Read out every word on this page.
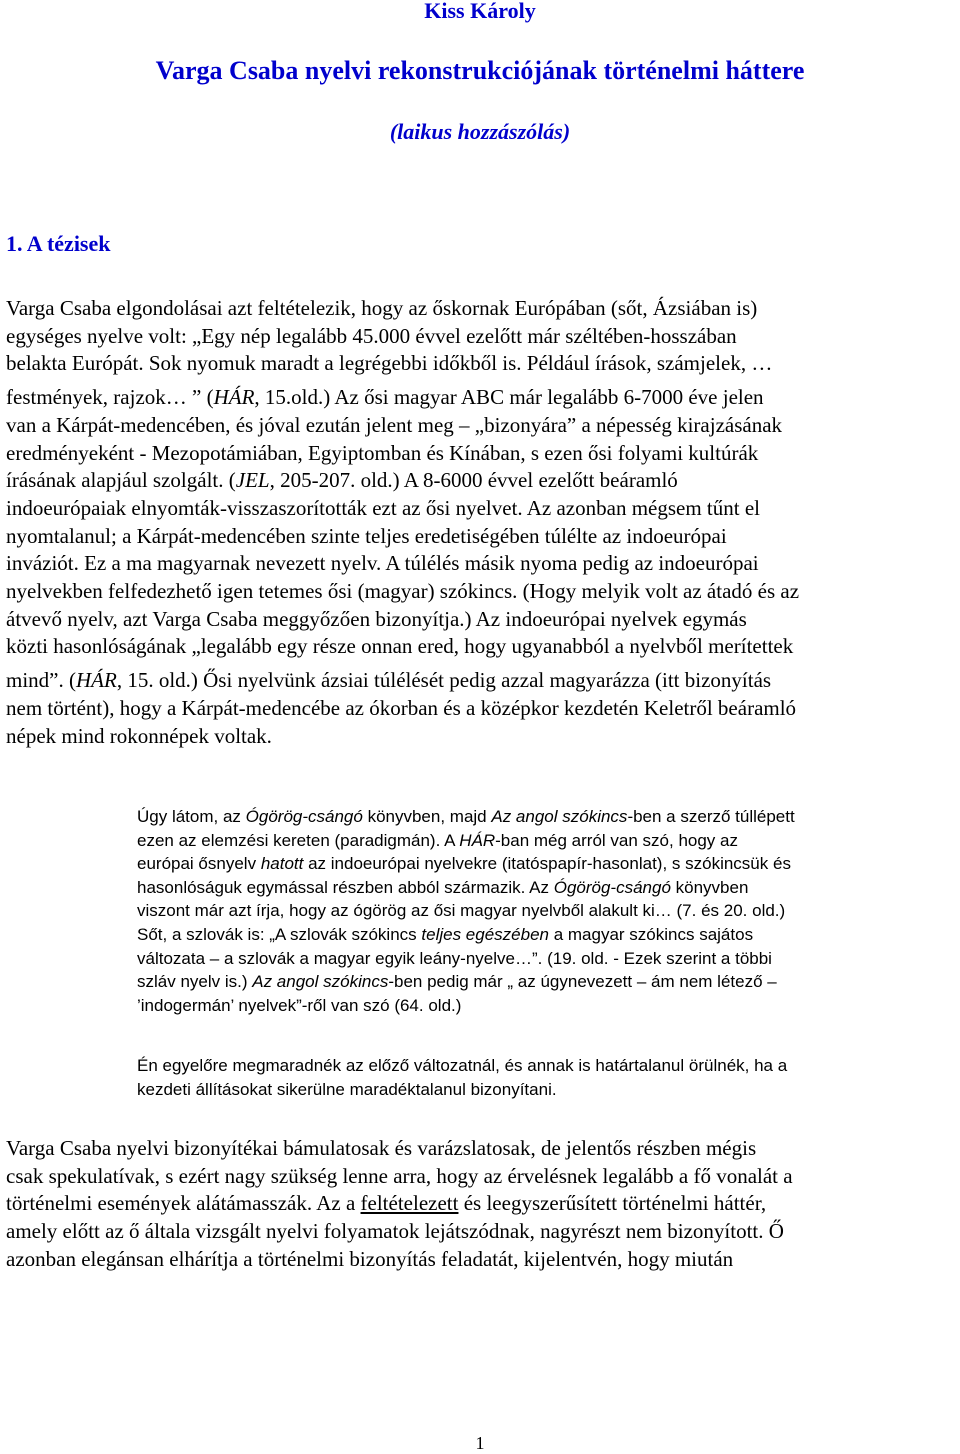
Kiss Károly
Varga Csaba nyelvi rekonstrukciójának történelmi háttere
(laikus hozzászólás)
1. A tézisek
Varga Csaba elgondolásai azt feltételezik, hogy az őskornak Európában (sőt, Ázsiában is)
egységes nyelve volt: „Egy nép legalább 45.000 évvel ezelőtt már széltében-hosszában
belakta Európát. Sok nyomuk maradt a legrégebbi időkből is. Például írások, számjelek, …
festmények, rajzok… ” (HÁR, 15.old.) Az ősi magyar ABC már legalább 6-7000 éve jelen
van a Kárpát-medencében, és jóval ezután jelent meg – „bizonyára” a népesség kirajzásának
eredményeként - Mezopotámiában, Egyiptomban és Kínában, s ezen ősi folyami kultúrák
írásának alapjául szolgált. (JEL, 205-207. old.) A 8-6000 évvel ezelőtt beáramló
indoeurópaiak elnyomták-visszaszorították ezt az ősi nyelvet. Az azonban mégsem tűnt el
nyomtalanul; a Kárpát-medencében szinte teljes eredetiségében túlélte az indoeurópai
inváziót. Ez a ma magyarnak nevezett nyelv. A túlélés másik nyoma pedig az indoeurópai
nyelvekben felfedezhető igen tetemes ősi (magyar) szókincs. (Hogy melyik volt az átadó és az
átvevő nyelv, azt Varga Csaba meggyőzően bizonyítja.) Az indoeurópai nyelvek egymás
közti hasonlóságának „legalább egy része onnan ered, hogy ugyanabból a nyelvből merítettek
mind”. (HÁR, 15. old.) Ősi nyelvünk ázsiai túlélését pedig azzal magyarázza (itt bizonyítás
nem történt), hogy a Kárpát-medencébe az ókorban és a középkor kezdetén Keletről beáramló
népek mind rokonnépek voltak.
Úgy látom, az Ógörög-csángó könyvben, majd Az angol szókincs-ben a szerző túllépett
ezen az elemzési kereten (paradigmán). A HÁR-ban még arról van szó, hogy az
európai ősnyelv hatott az indoeurópai nyelvekre (itatóspapír-hasonlat), s szókincsük és
hasonlóságuk egymással részben abból származik. Az Ógörög-csángó könyvben
viszont már azt írja, hogy az ógörög az ősi magyar nyelvből alakult ki… (7. és 20. old.)
Sőt, a szlovák is: „A szlovák szókincs teljes egészében a magyar szókincs sajátos
változata – a szlovák a magyar egyik leány-nyelve…”. (19. old. - Ezek szerint a többi
szláv nyelv is.) Az angol szókincs-ben pedig már „ az úgynevezett – ám nem létező –
’indogermán’ nyelvek”-ről van szó (64. old.)
Én egyelőre megmaradnék az előző változatnál, és annak is határtalanul örülnék, ha a
kezdeti állításokat sikerülne maradéktalanul bizonyítani.
Varga Csaba nyelvi bizonyítékai bámulatosak és varázslatosak, de jelentős részben mégis
csak spekulatívak, s ezért nagy szükség lenne arra, hogy az érvelésnek legalább a fő vonalát a
történelmi események alátámasszák. Az a feltételezett és leegyszerűsített történelmi háttér,
amely előtt az ő általa vizsgált nyelvi folyamatok lejátszódnak, nagyrészt nem bizonyított. Ő
azonban elegánsan elhárítja a történelmi bizonyítás feladatát, kijelentvén, hogy miután
1
